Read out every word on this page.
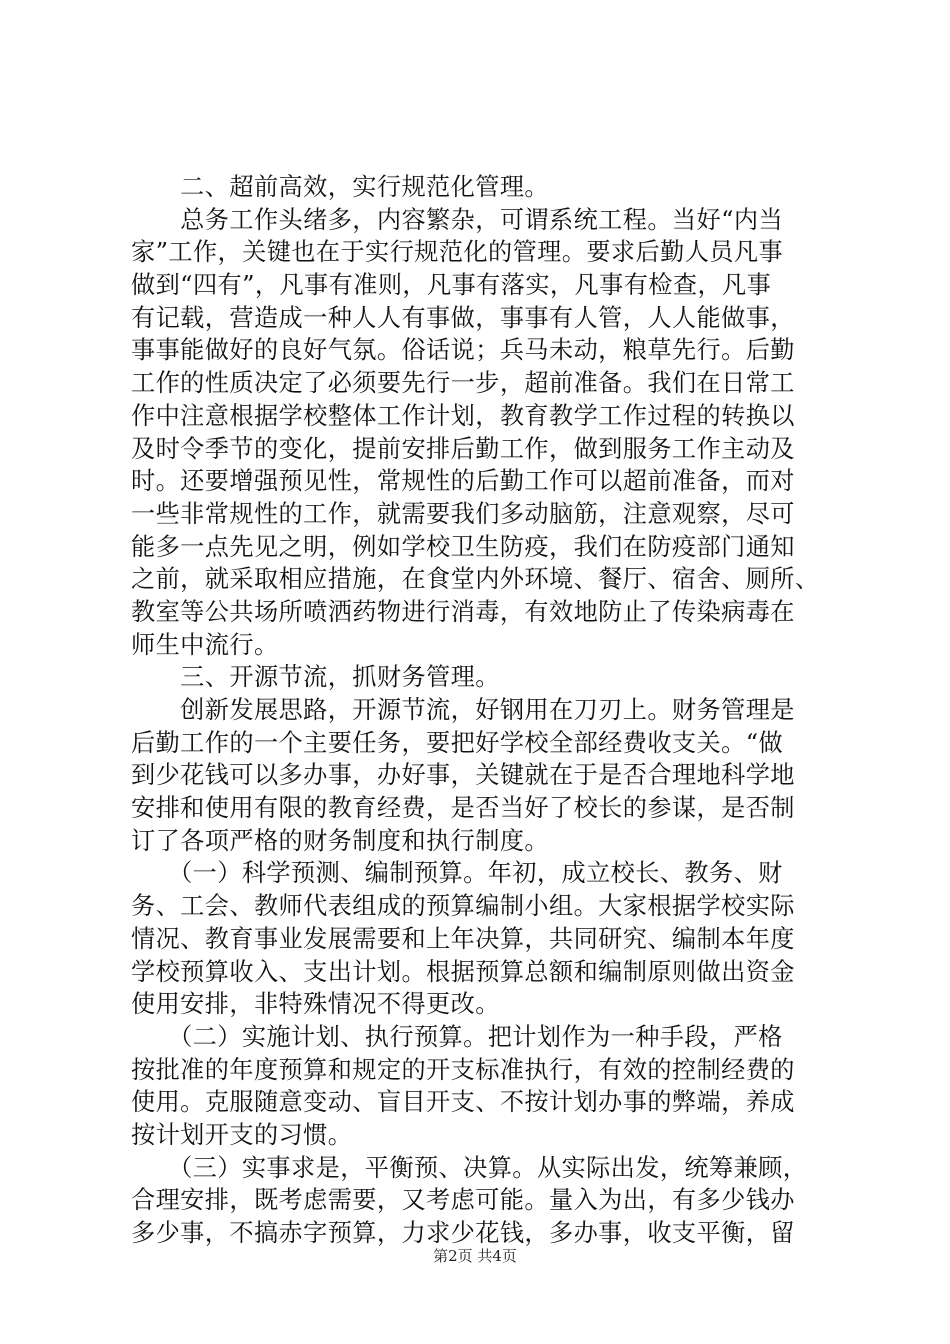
　　二、超前高效，实行规范化管理。
　　总务工作头绪多，内容繁杂，可谓系统工程。当好“内当
家”工作，关键也在于实行规范化的管理。要求后勤人员凡事
做到“四有”，凡事有准则，凡事有落实，凡事有检查，凡事
有记载，营造成一种人人有事做，事事有人管，人人能做事，
事事能做好的良好气氛。俗话说；兵马未动，粮草先行。后勤
工作的性质决定了必须要先行一步，超前准备。我们在日常工
作中注意根据学校整体工作计划，教育教学工作过程的转换以
及时令季节的变化，提前安排后勤工作，做到服务工作主动及
时。还要增强预见性，常规性的后勤工作可以超前准备，而对
一些非常规性的工作，就需要我们多动脑筋，注意观察，尽可
能多一点先见之明，例如学校卫生防疫，我们在防疫部门通知
之前，就采取相应措施，在食堂内外环境、餐厅、宿舍、厕所、
教室等公共场所喷洒药物进行消毒，有效地防止了传染病毒在
师生中流行。
　　三、开源节流，抓财务管理。
　　创新发展思路，开源节流，好钢用在刀刃上。财务管理是
后勤工作的一个主要任务，要把好学校全部经费收支关。“做
到少花钱可以多办事，办好事，关键就在于是否合理地科学地
安排和使用有限的教育经费，是否当好了校长的参谋，是否制
订了各项严格的财务制度和执行制度。
　　（一）科学预测、编制预算。年初，成立校长、教务、财
务、工会、教师代表组成的预算编制小组。大家根据学校实际
情况、教育事业发展需要和上年决算，共同研究、编制本年度
学校预算收入、支出计划。根据预算总额和编制原则做出资金
使用安排，非特殊情况不得更改。
　　（二）实施计划、执行预算。把计划作为一种手段，严格
按批准的年度预算和规定的开支标准执行，有效的控制经费的
使用。克服随意变动、盲目开支、不按计划办事的弊端，养成
按计划开支的习惯。
　　（三）实事求是，平衡预、决算。从实际出发，统筹兼顾，
合理安排，既考虑需要，又考虑可能。量入为出，有多少钱办
多少事，不搞赤字预算，力求少花钱，多办事，收支平衡，留
第2页 共4页
